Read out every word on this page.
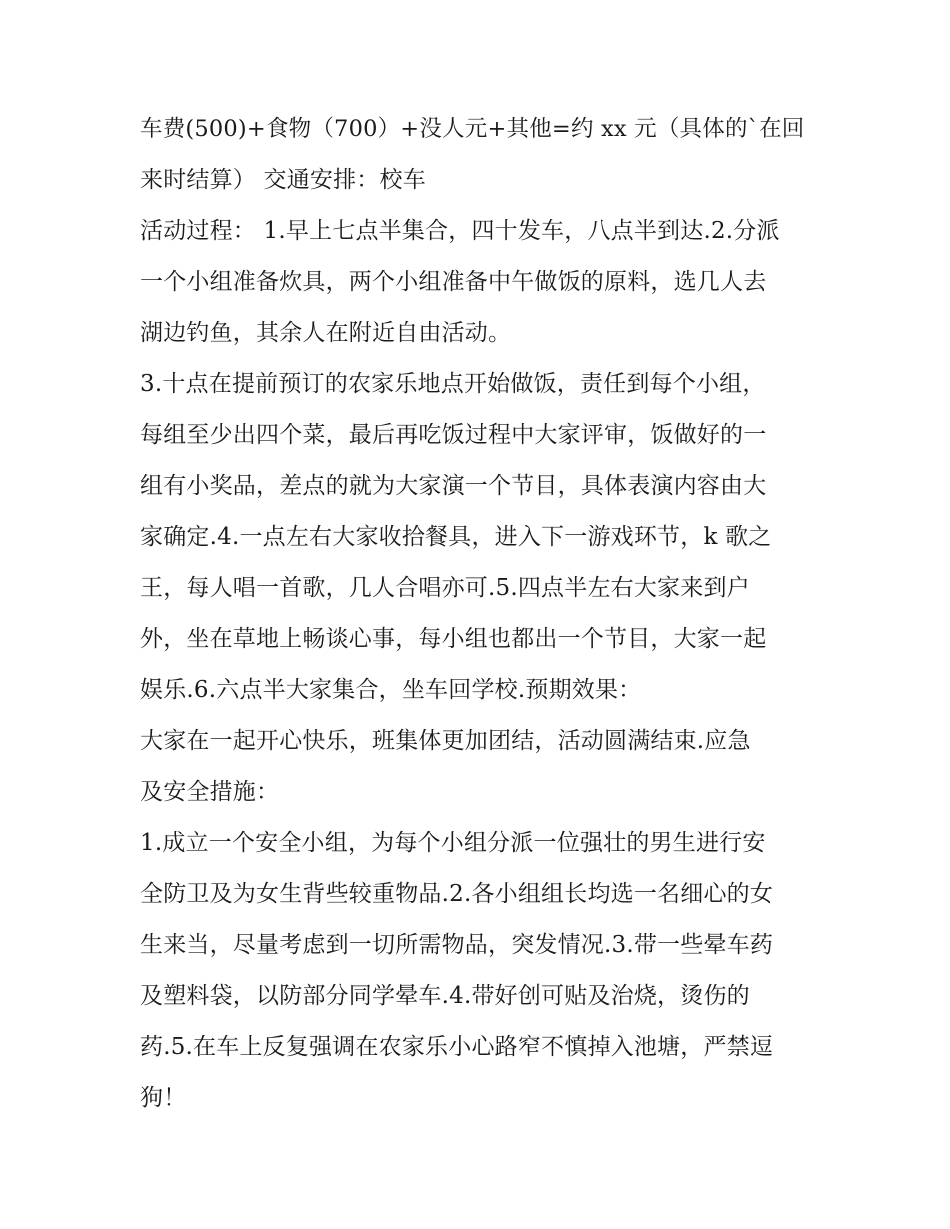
车费(500)+食物（700）+没人元+其他=约 xx 元（具体的`在回
来时结算） 交通安排：校车
活动过程： 1.早上七点半集合，四十发车，八点半到达.2.分派
一个小组准备炊具，两个小组准备中午做饭的原料，选几人去
湖边钓鱼，其余人在附近自由活动。
3.十点在提前预订的农家乐地点开始做饭，责任到每个小组，
每组至少出四个菜，最后再吃饭过程中大家评审，饭做好的一
组有小奖品，差点的就为大家演一个节目，具体表演内容由大
家确定.4.一点左右大家收拾餐具，进入下一游戏环节，k 歌之
王，每人唱一首歌，几人合唱亦可.5.四点半左右大家来到户
外，坐在草地上畅谈心事，每小组也都出一个节目，大家一起
娱乐.6.六点半大家集合，坐车回学校.预期效果：
大家在一起开心快乐，班集体更加团结，活动圆满结束.应急
及安全措施：
1.成立一个安全小组，为每个小组分派一位强壮的男生进行安
全防卫及为女生背些较重物品.2.各小组组长均选一名细心的女
生来当，尽量考虑到一切所需物品，突发情况.3.带一些晕车药
及塑料袋，以防部分同学晕车.4.带好创可贴及治烧，烫伤的
药.5.在车上反复强调在农家乐小心路窄不慎掉入池塘，严禁逗
狗！
